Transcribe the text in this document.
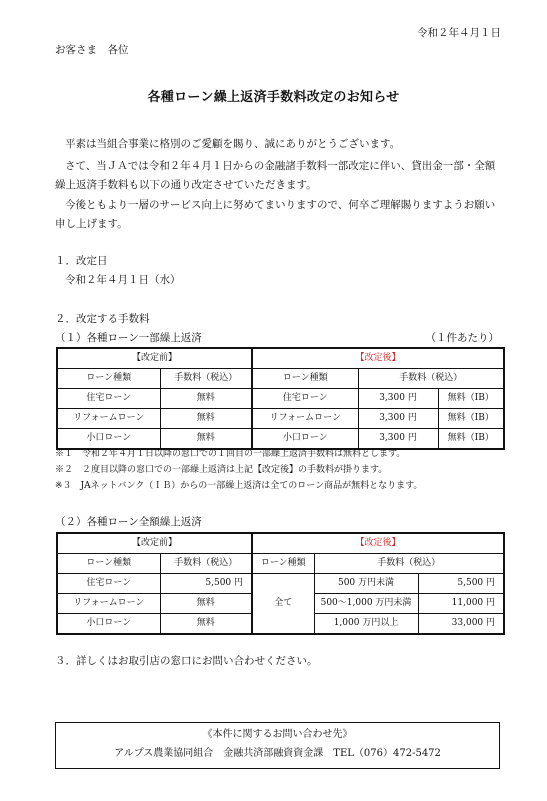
令和２年４月１日
お客さま　各位
各種ローン繰上返済手数料改定のお知らせ
平素は当組合事業に格別のご愛顧を賜り、誠にありがとうございます。
さて、当ＪＡでは令和２年４月１日からの金融諸手数料一部改定に伴い、貸出金一部・全額繰上返済手数料も以下の通り改定させていただきます。
今後ともより一層のサービス向上に努めてまいりますので、何卒ご理解賜りますようお願い申し上げます。
１．改定日
令和２年４月１日（水）
２．改定する手数料
（１）各種ローン一部繰上返済	（１件あたり）
【改定前】		【改定後】		
ローン種類	手数料（税込）	ローン種類	手数料（税込）	
住宅ローン	無料	住宅ローン	3,300 円	無料（IB）
リフォームローン	無料	リフォームローン	3,300 円	無料（IB）
小口ローン	無料	小口ローン	3,300 円	無料（IB）
※１　令和２年４月１日以降の窓口での１回目の一部繰上返済手数料は無料とします。
※２　２度目以降の窓口での一部繰上返済は上記【改定後】の手数料が掛ります。
※３　JAネットバンク（ＩＢ）からの一部繰上返済は全てのローン商品が無料となります。
（２）各種ローン全額繰上返済
【改定前】		【改定後】		
ローン種類	手数料（税込）	ローン種類	手数料（税込）	
住宅ローン	5,500 円	全て	500 万円未満	5,500 円
リフォームローン	無料		500～1,000 万円未満	11,000 円
小口ローン	無料		1,000 万円以上	33,000 円
３．詳しくはお取引店の窓口にお問い合わせください。
《本件に関するお問い合わせ先》
アルプス農業協同組合　金融共済部融資資金課　TEL（076）472-5472
